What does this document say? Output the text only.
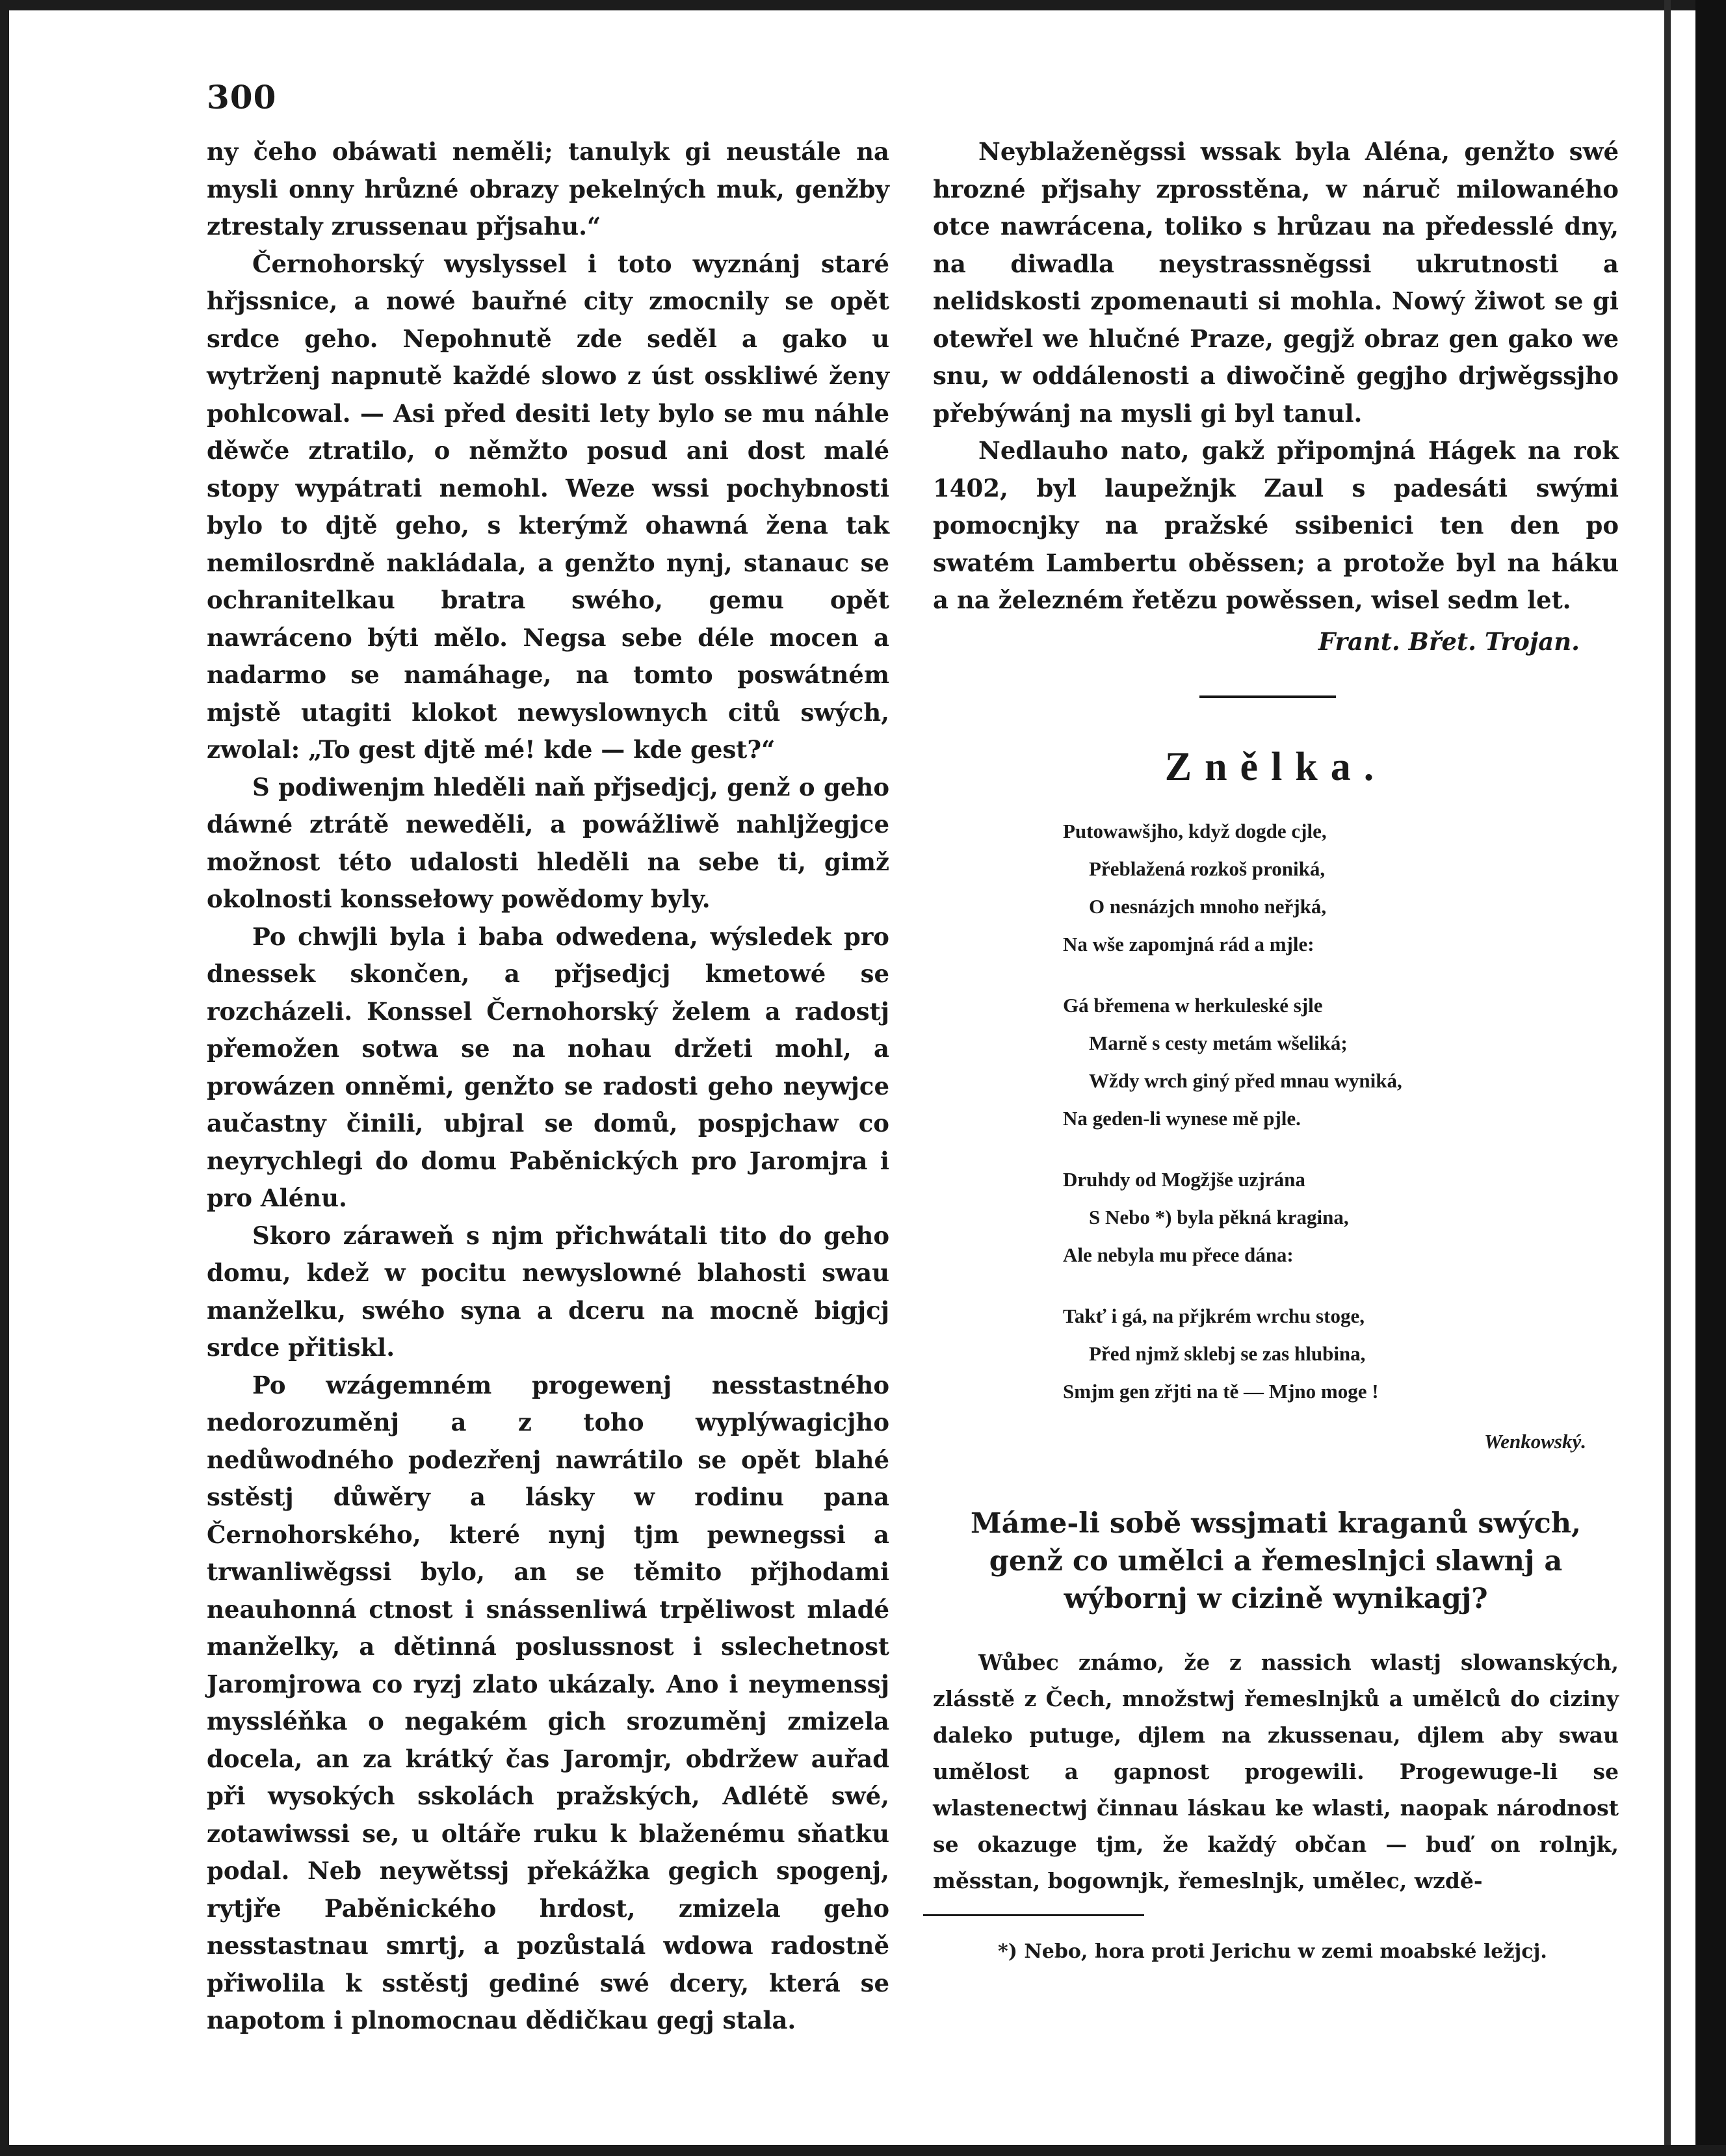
300

ny čeho obáwati neměli; tanulyk gi neustále na mysli onny hrůzné obrazy pekelných muk, genžby ztrestaly zrussenau přjsahu.“

Černohorský wyslyssel i toto wyznánj staré hřjssnice, a nowé bauřné city zmocnily se opět srdce geho. Nepohnutě zde seděl a gako u wytrženj napnutě každé slowo z úst osskliwé ženy pohlcowal. — Asi před desiti lety bylo se mu náhle děwče ztratilo, o němžto posud ani dost malé stopy wypátrati nemohl. Weze wssi pochybnosti bylo to djtě geho, s kterýmž ohawná žena tak nemilosrdně nakládala, a genžto nynj, stanauc se ochranitelkau bratra swého, gemu opět nawráceno býti mělo. Negsa sebe déle mocen a nadarmo se namáhage, na tomto poswátném mjstě utagiti klokot newyslownych citů swých, zwolal: „To gest djtě mé! kde — kde gest?“

S podiwenjm hleděli naň přjsedjcj, genž o geho dáwné ztrátě neweděli, a powážliwě nahljžegjce možnost této udalosti hleděli na sebe ti, gimž okolnosti konssełowy powědomy byly.

Po chwjli byla i baba odwedena, wýsledek pro dnessek skončen, a přjsedjcj kmetowé se rozcházeli. Konssel Černohorský želem a radostj přemožen sotwa se na nohau držeti mohl, a prowázen onněmi, genžto se radosti geho neywjce aučastny činili, ubjral se domů, pospjchaw co neyrychlegi do domu Paběnických pro Jaromjra i pro Alénu.

Skoro záraweň s njm přichwátali tito do geho domu, kdež w pocitu newyslowné blahosti swau manželku, swého syna a dceru na mocně bigjcj srdce přitiskl.

Po wzágemném progewenj nesstastného nedorozuměnj a z toho wyplýwagicjho nedůwodného podezřenj nawrátilo se opět blahé sstěstj důwěry a lásky w rodinu pana Černohorského, které nynj tjm pewnegssi a trwanliwěgssi bylo, an se těmito přjhodami neauhonná ctnost i snássenliwá trpěliwost mladé manželky, a dětinná poslussnost i sslechetnost Jaromjrowa co ryzj zlato ukázaly. Ano i neymenssj myssléňka o negakém gich srozuměnj zmizela docela, an za krátký čas Jaromjr, obdržew auřad při wysokých sskolách pražských, Adlétě swé, zotawiwssi se, u oltáře ruku k blaženému sňatku podal. Neb neywětssj překážka gegich spogenj, rytjře Paběnického hrdost, zmizela geho nesstastnau smrtj, a pozůstalá wdowa radostně přiwolila k sstěstj gediné swé dcery, která se napotom i plnomocnau dědičkau gegj stala.

Neyblaženěgssi wssak byla Aléna, genžto swé hrozné přjsahy zprosstěna, w náruč milowaného otce nawrácena, toliko s hrůzau na předesslé dny, na diwadla neystrassněgssi ukrutnosti a nelidskosti zpomenauti si mohla. Nowý žiwot se gi otewřel we hlučné Praze, gegjž obraz gen gako we snu, w oddálenosti a diwočině gegjho drjwěgssjho přebýwánj na mysli gi byl tanul.

Nedlauho nato, gakž připomjná Hágek na rok 1402, byl laupežnjk Zaul s padesáti swými pomocnjky na pražské ssibenici ten den po swatém Lambertu oběssen; a protože byl na háku a na železném řetězu powěssen, wisel sedm let.

Frant. Břet. Trojan.

Znělka.
Putowawšjho, když dogde cjle,
Přeblažená rozkoš proniká,
O nesnázjch mnoho neřjká,
Na wše zapomjná rád a mjle:
Gá břemena w herkuleské sjle
Marně s cesty metám wšeliká;
Wždy wrch giný před mnau wyniká,
Na geden-li wynese mě pjle.
Druhdy od Mogžjše uzjrána
S Nebo *) byla pěkná kragina,
Ale nebyla mu přece dána:
Takť i gá, na přjkrém wrchu stoge,
Před njmž sklebj se zas hlubina,
Smjm gen zřjti na tě — Mjno moge !
Wenkowský.
Máme-li sobě wssjmati kraganů swých, genž co umělci a řemeslnjci slawnj a wýbornj w cizině wynikagj?

Wůbec známo, že z nassich wlastj slowanských, zlásstě z Čech, množstwj řemeslnjků a umělců do ciziny daleko putuge, djlem na zkussenau, djlem aby swau umělost a gapnost progewili. Progewuge-li se wlastenectwj činnau láskau ke wlasti, naopak národnost se okazuge tjm, že každý občan — buď on rolnjk, měsstan, bogownjk, řemeslnjk, umělec, wzdě-

*) Nebo, hora proti Jerichu w zemi moabské ležjcj.
